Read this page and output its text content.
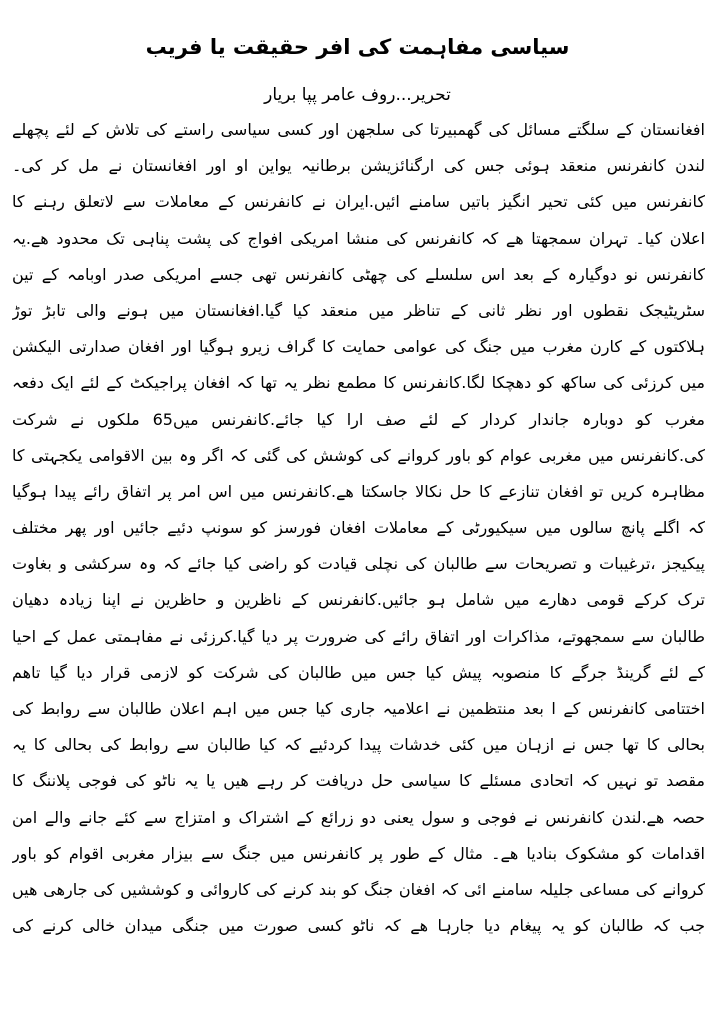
سیاسی مفاہمت کی افر حقیقت یا فریب
تحریر...روف عامر پپا بریار
افغانستان کے سلگتے مسائل کی گھمبیرتا کی سلجھن اور کسی سیاسی راستے کی تلاش کے لئے پچھلے
لندن کانفرنس منعقد ہوئی جس کی ارگنائزیشن برطانیہ یواین او اور افغانستان نے مل کر کی۔
کانفرنس میں کئی تحیر انگیز باتیں سامنے ائیں.ایران نے کانفرنس کے معاملات سے لاتعلق رہنے کا
اعلان کیا۔ تہران سمجھتا ھے کہ کانفرنس کی منشا امریکی افواج کی پشت پناہی تک محدود ھے.یہ
کانفرنس نو دوگیارہ کے بعد اس سلسلے کی چھٹی کانفرنس تھی جسے امریکی صدر اوبامہ کے تین
سٹریٹیجک نقطوں اور نظر ثانی کے تناظر میں منعقد کیا گیا.افغانستان میں ہونے والی تابڑ توڑ
ہلاکتوں کے کارن مغرب میں جنگ کی عوامی حمایت کا گراف زیرو ہوگیا اور افغان صدارتی الیکشن
میں کرزئی کی ساکھ کو دھچکا لگا.کانفرنس کا مطمع نظر یہ تھا کہ افغان پراجیکٹ کے لئے ایک دفعہ
مغرب کو دوبارہ جاندار کردار کے لئے صف ارا کیا جائے.کانفرنس میں65 ملکوں نے شرکت
کی.کانفرنس میں مغربی عوام کو باور کروانے کی کوشش کی گئی کہ اگر وہ بین الاقوامی یکجہتی کا
مظاہرہ کریں تو افغان تنازعے کا حل نکالا جاسکتا ھے.کانفرنس میں اس امر پر اتفاق رائے پیدا ہوگیا
کہ اگلے پانچ سالوں میں سیکیورٹی کے معاملات افغان فورسز کو سونپ دئیے جائیں اور پھر مختلف
پیکیجز ،ترغیبات و تصریحات سے طالبان کی نچلی قیادت کو راضی کیا جائے کہ وہ سرکشی و بغاوت
ترک کرکے قومی دھارے میں شامل ہو جائیں.کانفرنس کے ناظرین و حاظرین نے اپنا زیادہ دھیان
طالبان سے سمجھوتے، مذاکرات اور اتفاق رائے کی ضرورت پر دیا گیا.کرزئی نے مفاہمتی عمل کے احیا
کے لئے گرینڈ جرگے کا منصوبہ پیش کیا جس میں طالبان کی شرکت کو لازمی قرار دیا گیا تاھم
اختتامی کانفرنس کے ا بعد منتظمین نے اعلامیہ جاری کیا جس میں اہم اعلان طالبان سے روابط کی
بحالی کا تھا جس نے ازہان میں کئی خدشات پیدا کردئیے کہ کیا طالبان سے روابط کی بحالی کا یہ
مقصد تو نہیں کہ اتحادی مسئلے کا سیاسی حل دریافت کر رہے ھیں یا یہ ناٹو کی فوجی پلاننگ کا
حصہ ھے.لندن کانفرنس نے فوجی و سول یعنی دو زرائع کے اشتراک و امتزاج سے کئے جانے والے امن
اقدامات کو مشکوک بنادیا ھے۔ مثال کے طور پر کانفرنس میں جنگ سے بیزار مغربی اقوام کو باور
کروانے کی مساعی جلیلہ سامنے ائی کہ افغان جنگ کو بند کرنے کی کاروائی و کوششیں کی جارھی ھیں
جب کہ طالبان کو یہ پیغام دیا جارہا ھے کہ ناٹو کسی صورت میں جنگی میدان خالی کرنے کی
